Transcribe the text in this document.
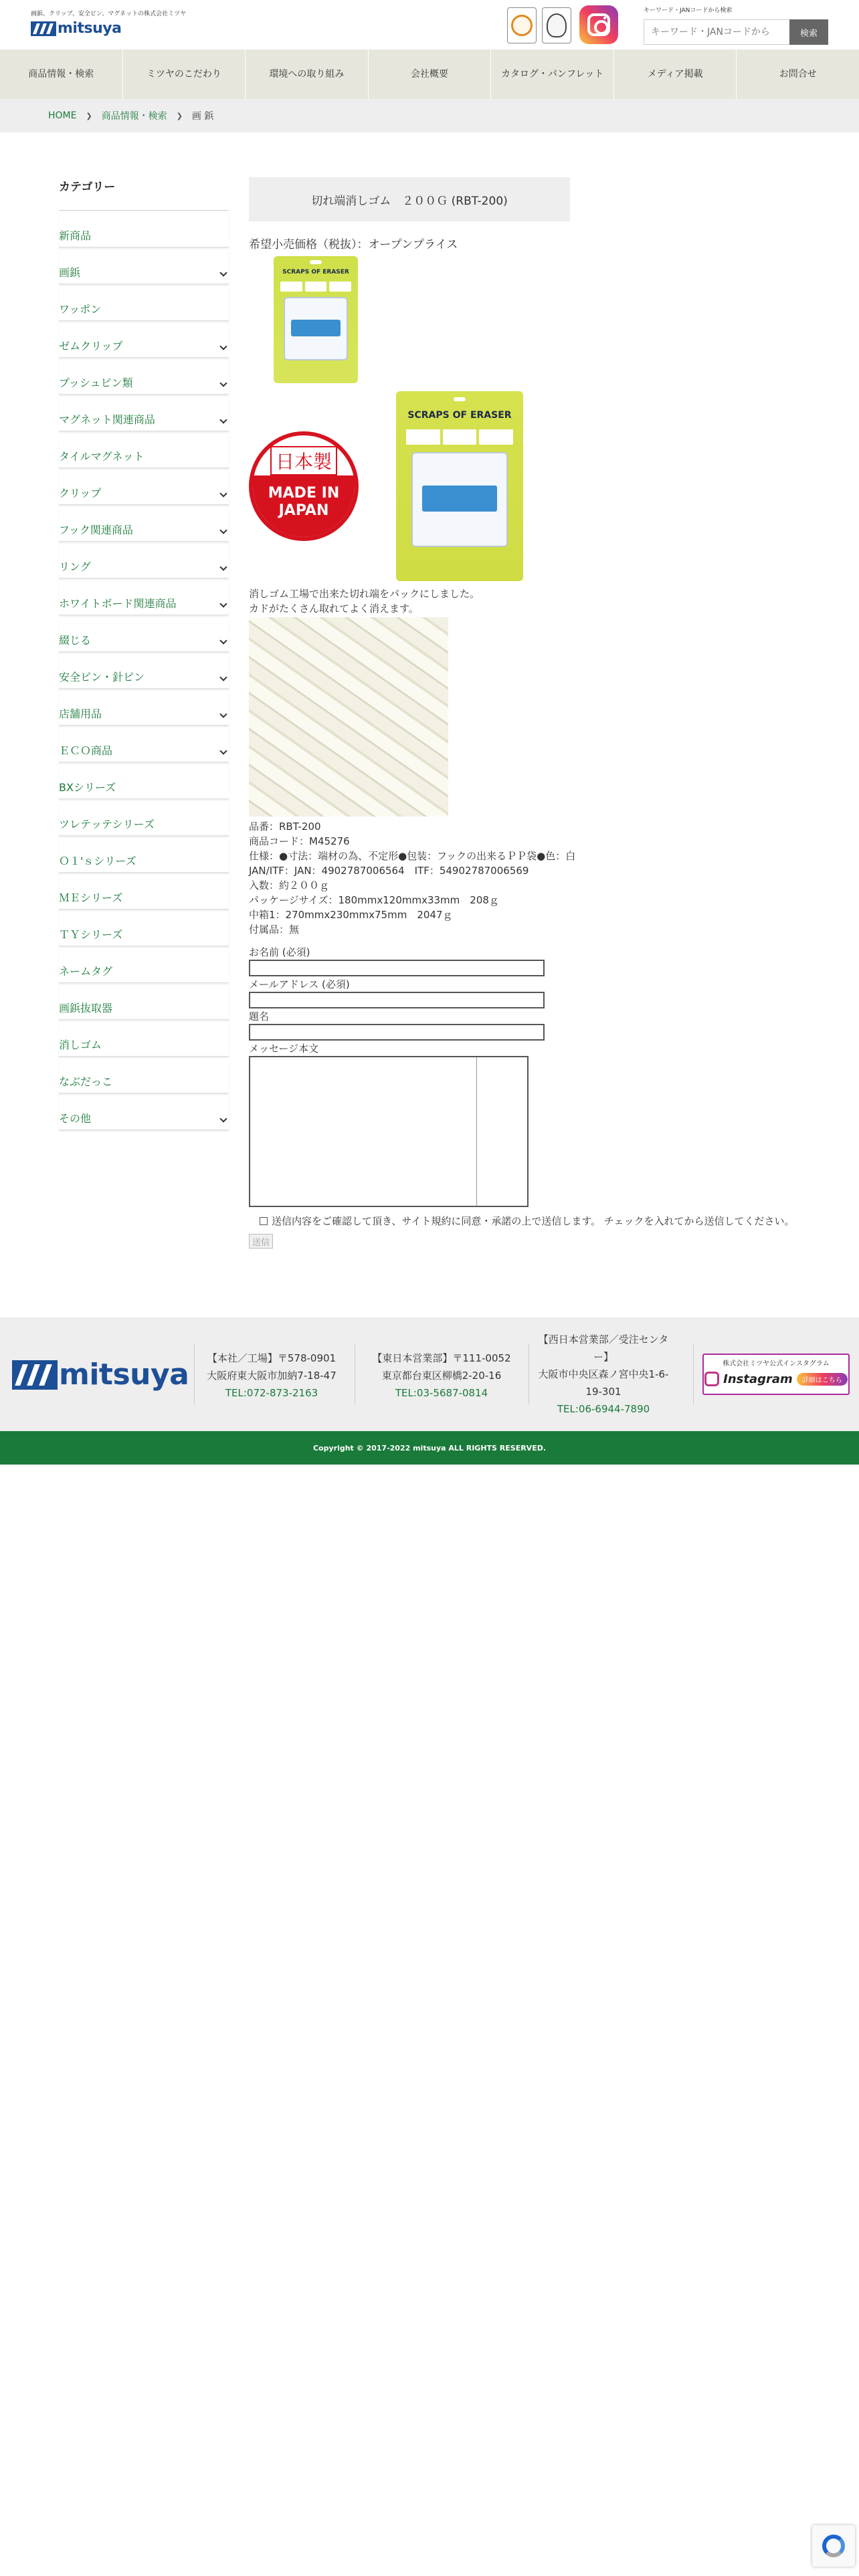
画鋲、クリップ、安全ピン、マグネットの株式会社ミツヤ
mitsuya
キーワード・JANコードから検索
キーワード・JANコードから
検索
商品情報・検索	ミツヤのこだわり	環境への取り組み	会社概要	カタログ・パンフレット	メディア掲載	お問合せ
HOME ❯ 商品情報・検索 ❯ 画 鋲
カテゴリー
新商品
画鋲
ワッポン
ゼムクリップ
プッシュピン類
マグネット関連商品
タイルマグネット
クリップ
フック関連商品
リング
ホワイトボード関連商品
綴じる
安全ピン・針ピン
店舗用品
ＥＣＯ商品
BXシリーズ
ツレテッテシリーズ
Ｏ１'ｓシリーズ
ＭＥシリーズ
ＴＹシリーズ
ネームタグ
画鋲抜取器
消しゴム
なぶだっこ
その他
切れ端消しゴム　２００Ｇ (RBT-200)
希望小売価格（税抜）：オープンプライス
SCRAPS OF ERASER
日本製
MADE IN
JAPAN
SCRAPS OF ERASER
消しゴム工場で出来た切れ端をパックにしました。
カドがたくさん取れてよく消えます。
品番：RBT-200
商品コード：M45276
仕様：●寸法：端材の為、不定形●包装：フックの出来るＰＰ袋●色：白
JAN/ITF：JAN：4902787006564　ITF：54902787006569
入数：約２００ｇ
パッケージサイズ：180mmx120mmx33mm　208ｇ
中箱1：270mmx230mmx75mm　2047ｇ
付属品：無
お名前 (必須)
メールアドレス (必須)
題名
メッセージ本文
送信内容をご確認して頂き、サイト規約に同意・承諾の上で送信します。 チェックを入れてから送信してください。
送信
mitsuya	【本社／工場】〒578-0901
大阪府東大阪市加納7-18-47
TEL:072-873-2163
【東日本営業部】〒111-0052
東京都台東区柳橋2-20-16
TEL:03-5687-0814
【西日本営業部／受注センター】
大阪市中央区森ノ宮中央1-6-19-301
TEL:06-6944-7890
株式会社ミツヤ公式インスタグラム
Instagram	詳細はこちら
Copyright © 2017-2022 mitsuya ALL RIGHTS RESERVED.
